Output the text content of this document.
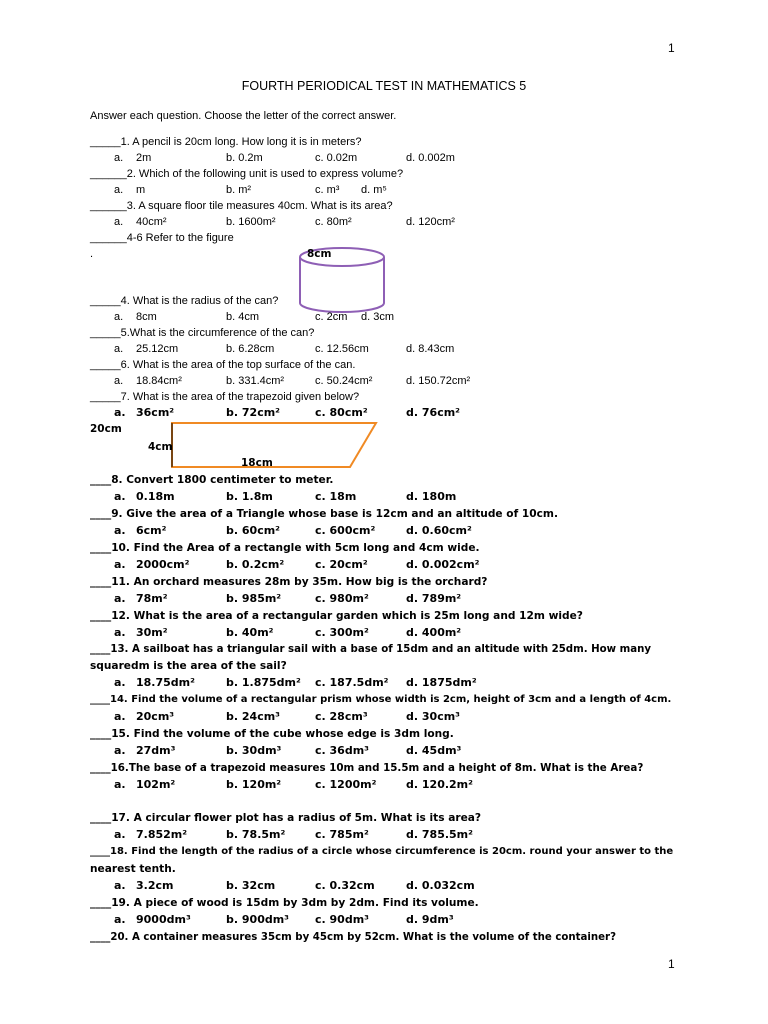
1
1
FOURTH PERIODICAL TEST IN MATHEMATICS 5
Answer each question. Choose the letter of the correct answer.
_____1. A pencil is 20cm long. How long it is in meters?
a. 2m	b. 0.2m	c. 0.02m	d. 0.002m
______2. Which of the following unit is used to express volume?
a. m	b. m²	c. m³ d. m⁵
______3. A square floor tile measures 40cm. What is its area?
a. 40cm²	b. 1600m²	c. 80m²	d. 120cm²
______4-6 Refer to the figure
.	8cm
_____4. What is the radius of the can?
a. 8cm	b. 4cm	c. 2cm d. 3cm
_____5.What is the circumference of the can?
a. 25.12cm	b. 6.28cm	c. 12.56cm	d. 8.43cm
_____6. What is the area of the top surface of the can.
a. 18.84cm²	b. 331.4cm²	c. 50.24cm²	d. 150.72cm²
_____7. What is the area of the trapezoid given below?
a. 36cm²	b. 72cm²	c. 80cm²	d. 76cm²
20cm
4cm
18cm
____8. Convert 1800 centimeter to meter.
a. 0.18m	b. 1.8m	c. 18m	d. 180m
____9. Give the area of a Triangle whose base is 12cm and an altitude of 10cm.
a. 6cm²	b. 60cm²	c. 600cm²	d. 0.60cm²
____10. Find the Area of a rectangle with 5cm long and 4cm wide.
a. 2000cm²	b. 0.2cm²	c. 20cm²	d. 0.002cm²
____11. An orchard measures 28m by 35m. How big is the orchard?
a. 78m²	b. 985m²	c. 980m²	d. 789m²
____12. What is the area of a rectangular garden which is 25m long and 12m wide?
a. 30m²	b. 40m²	c. 300m²	d. 400m²
____13. A sailboat has a triangular sail with a base of 15dm and an altitude with 25dm. How many
squaredm is the area of the sail?
a. 18.75dm²	b. 1.875dm² c. 187.5dm² d. 1875dm²
____14. Find the volume of a rectangular prism whose width is 2cm, height of 3cm and a length of 4cm.
a. 20cm³	b. 24cm³	c. 28cm³	d. 30cm³
____15. Find the volume of the cube whose edge is 3dm long.
a. 27dm³	b. 30dm³	c. 36dm³	d. 45dm³
____16.The base of a trapezoid measures 10m and 15.5m and a height of 8m. What is the Area?
a. 102m²	b. 120m²	c. 1200m²	d. 120.2m²
____17. A circular flower plot has a radius of 5m. What is its area?
a. 7.852m²	b. 78.5m²	c. 785m²	d. 785.5m²
____18. Find the length of the radius of a circle whose circumference is 20cm. round your answer to the
nearest tenth.
a. 3.2cm	b. 32cm	c. 0.32cm	d. 0.032cm
____19. A piece of wood is 15dm by 3dm by 2dm. Find its volume.
a. 9000dm³	b. 900dm³ c. 90dm³	d. 9dm³
____20. A container measures 35cm by 45cm by 52cm. What is the volume of the container?
